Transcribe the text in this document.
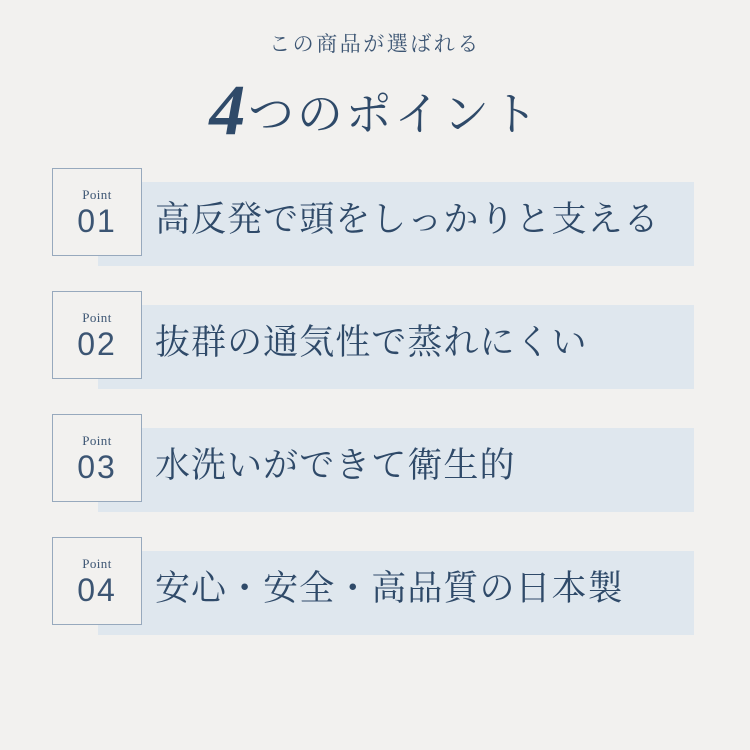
この商品が選ばれる
4つのポイント
Point
01 高反発で頭をしっかりと支える
Point
02 抜群の通気性で蒸れにくい
Point
03 水洗いができて衛生的
Point
04 安心・安全・高品質の日本製
